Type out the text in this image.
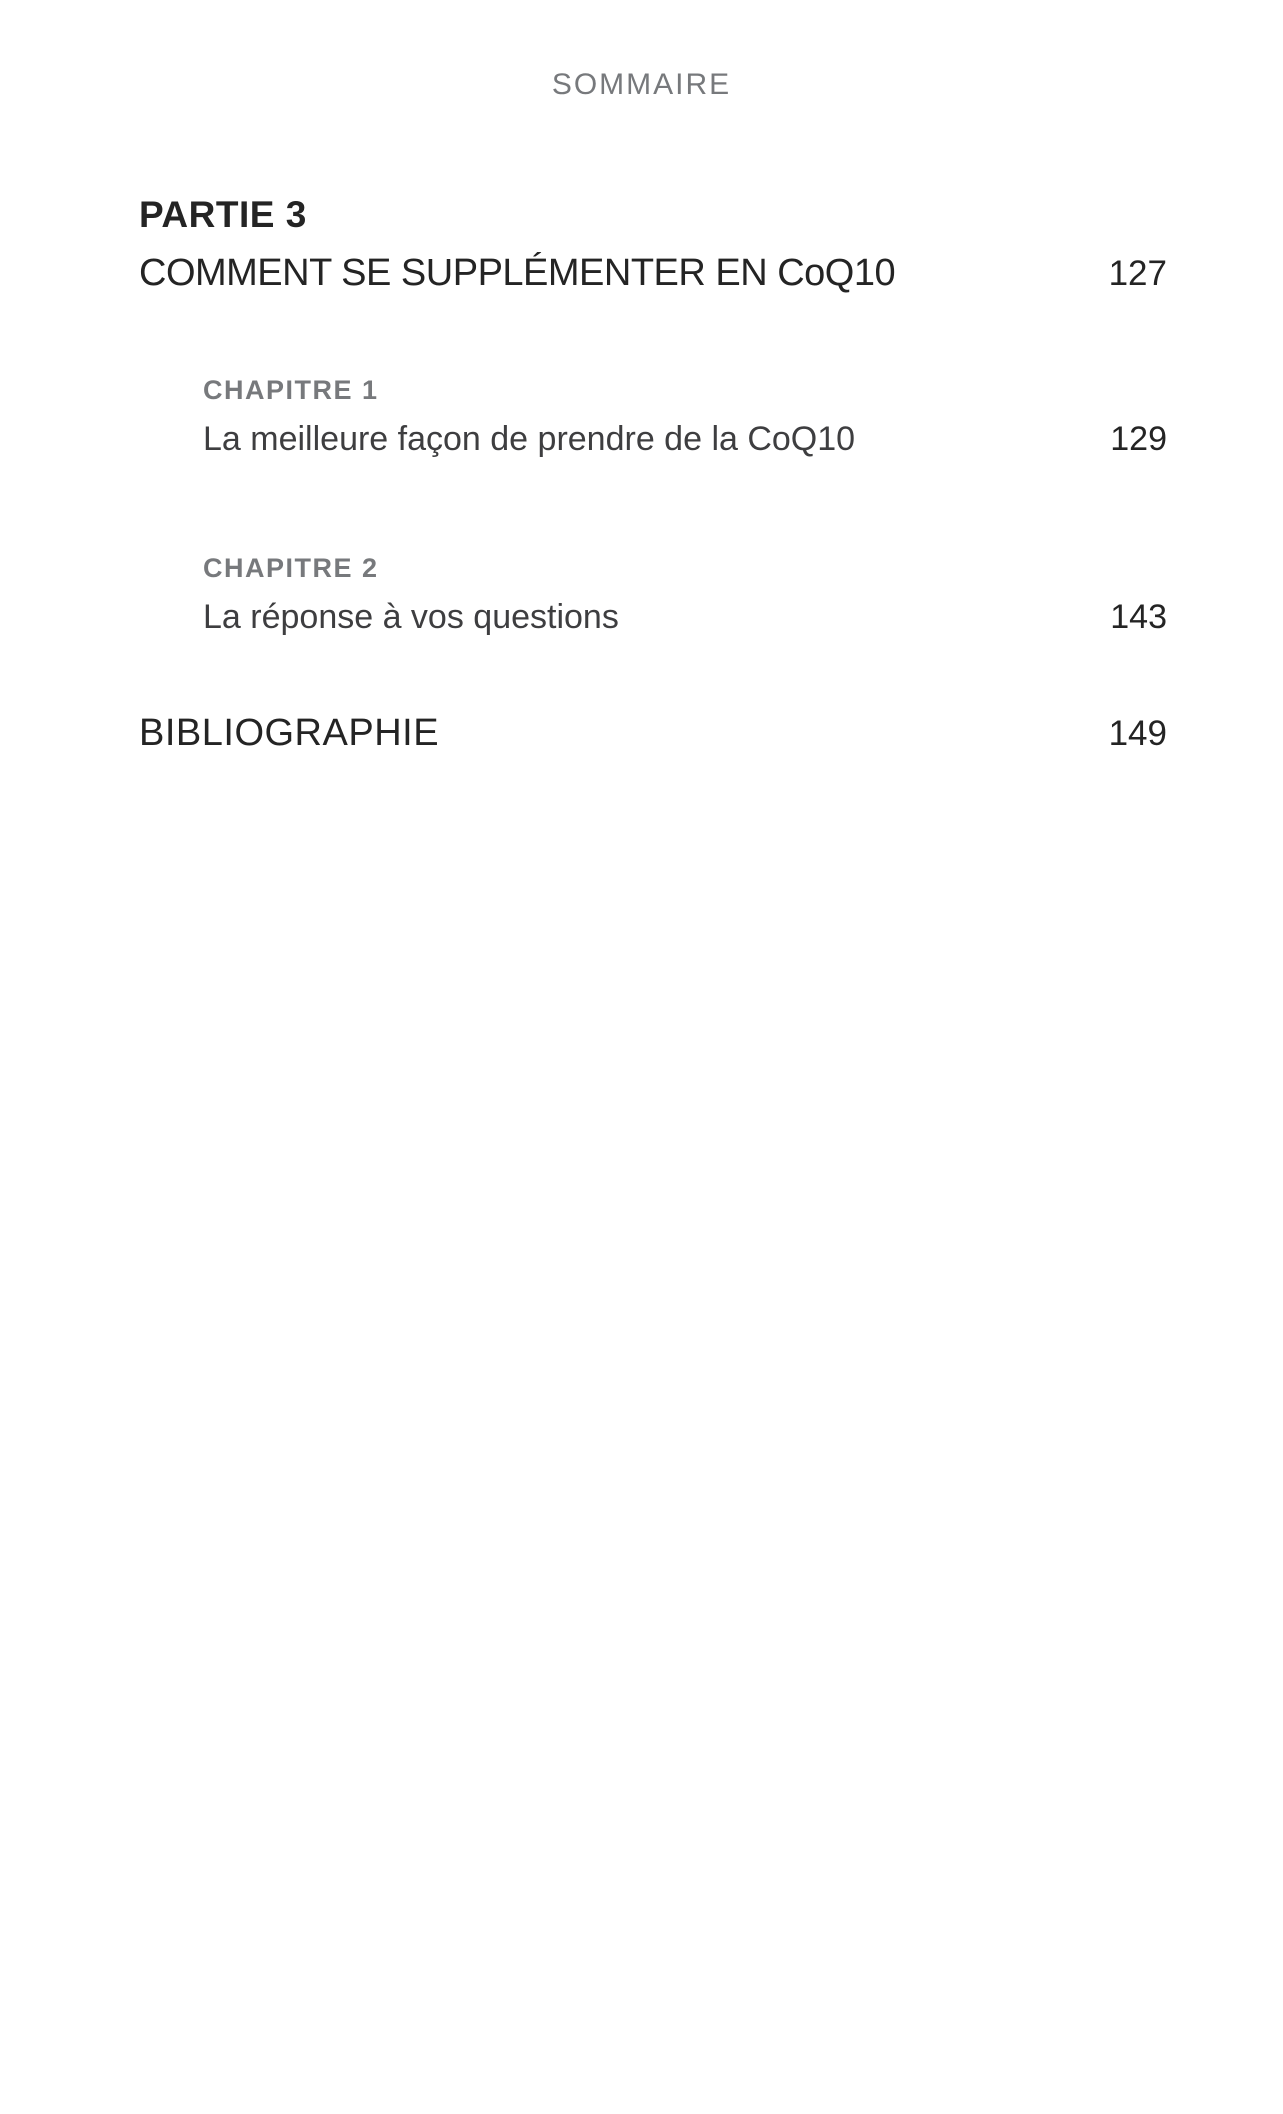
SOMMAIRE
PARTIE 3
COMMENT SE SUPPLÉMENTER EN CoQ10	127
CHAPITRE 1
La meilleure façon de prendre de la CoQ10	129
CHAPITRE 2
La réponse à vos questions	143
BIBLIOGRAPHIE	149
